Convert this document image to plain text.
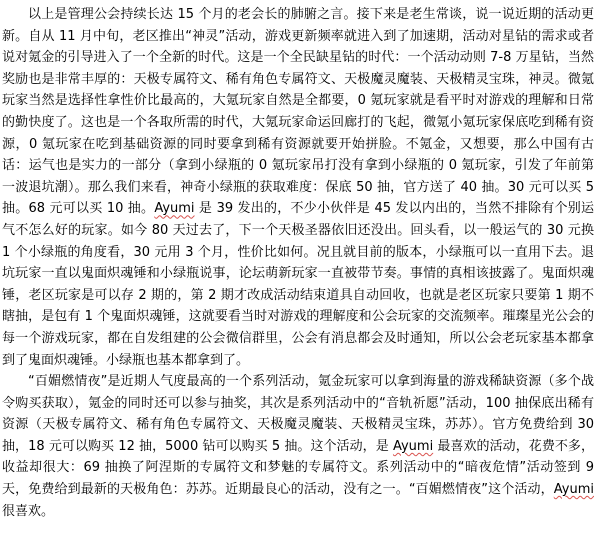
以上是管理公会持续长达 15 个月的老会长的肺腑之言。接下来是老生常谈，说一说近期的活动更新。自从 11 月中旬，老区推出“神灵”活动，游戏更新频率就进入到了加速期，活动对星钻的需求或者说对氪金的引导进入了一个全新的时代。这是一个全民缺星钻的时代：一个活动动则 7-8 万星钻，当然奖励也是非常丰厚的：天极专属符文、稀有角色专属符文、天极魔灵魔装、天极精灵宝珠，神灵。微氪玩家当然是选择性拿性价比最高的，大氪玩家自然是全都要，0 氪玩家就是看平时对游戏的理解和日常的勤快度了。这也是一个各取所需的时代，大氪玩家命运回廊打的飞起，微氪小氪玩家保底吃到稀有资源，0 氪玩家在吃到基础资源的同时要拿到稀有资源就要开始拼脸。不氪金，又想要，那么中国有古话：运气也是实力的一部分（拿到小绿瓶的 0 氪玩家吊打没有拿到小绿瓶的 0 氪玩家，引发了年前第一波退坑潮）。那么我们来看，神奇小绿瓶的获取难度：保底 50 抽，官方送了 40 抽。30 元可以买 5 抽。68 元可以买 10 抽。Ayumi 是 39 发出的，不少小伙伴是 45 发以内出的，当然不排除有个别运气不怎么好的玩家。如今 80 天过去了，下一个天极圣器依旧还没出。回头看，以一般运气的 30 元换 1 个小绿瓶的角度看，30 元用 3 个月，性价比如何。况且就目前的版本，小绿瓶可以一直用下去。退坑玩家一直以鬼面炽魂锤和小绿瓶说事，论坛萌新玩家一直被带节奏。事情的真相该披露了。鬼面炽魂锤，老区玩家是可以存 2 期的，第 2 期才改成活动结束道具自动回收，也就是老区玩家只要第 1 期不瞎抽，是包有 1 个鬼面炽魂锤，这就要看当时对游戏的理解度和公会玩家的交流频率。璀璨星光公会的每一个游戏玩家，都在自发组建的公会微信群里，公会有消息都会及时通知，所以公会老玩家基本都拿到了鬼面炽魂锤。小绿瓶也基本都拿到了。

“百媚燃情夜”是近期人气度最高的一个系列活动，氪金玩家可以拿到海量的游戏稀缺资源（多个战令购买获取），氪金的同时还可以参与抽奖，其次是系列活动中的“音轨祈愿”活动，100 抽保底出稀有资源（天极专属符文、稀有角色专属符文、天极魔灵魔装、天极精灵宝珠，苏苏）。官方免费给到 30 抽，18 元可以购买 12 抽，5000 钻可以购买 5 抽。这个活动，是 Ayumi 最喜欢的活动，花费不多，收益却很大：69 抽换了阿涅斯的专属符文和梦魅的专属符文。系列活动中的“暗夜危情”活动签到 9 天，免费给到最新的天极角色：苏苏。近期最良心的活动，没有之一。“百媚燃情夜”这个活动，Ayumi 很喜欢。
